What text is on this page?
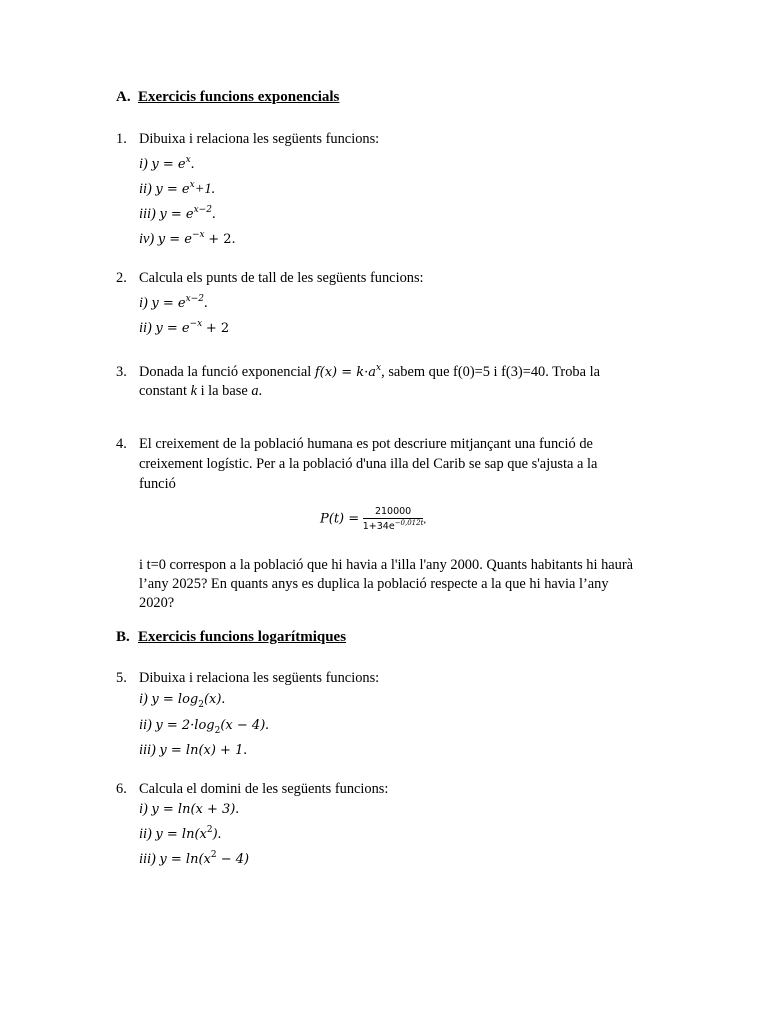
A. Exercicis funcions exponencials
1. Dibuixa i relaciona les següents funcions:
i) $y = e^x$.
ii) $y = e^x+1$.
iii) $y = e^{x-2}$.
iv) $y = e^{-x} + 2$.
2. Calcula els punts de tall de les següents funcions:
i) $y = e^{x-2}$.
ii) $y = e^{-x} + 2$
3. Donada la funció exponencial $f(x) = k\cdot a^x$, sabem que f(0)=5 i f(3)=40. Troba la
constant k i la base a.
4. El creixement de la població humana es pot descriure mitjançant una funció de
creixement logístic. Per a la població d'una illa del Carib se sap que s'ajusta a la
funció
$P(t) = \frac{210000}{1+34e^{-0,012t}}$ ,
i t=0 correspon a la població que hi havia a l'illa l'any 2000. Quants habitants hi haurà
l’any 2025? En quants anys es duplica la població respecte a la que hi havia l’any
2020?
B. Exercicis funcions logarítmiques
5. Dibuixa i relaciona les següents funcions:
i) $y = \log_2(x)$.
ii) $y = 2\cdot\log_2(x - 4)$.
iii) y = ln(x) + 1.
6. Calcula el domini de les següents funcions:
i) y = ln(x + 3).
ii) $y = \ln(x^2)$.
iii) $y = \ln(x^2 - 4)$
